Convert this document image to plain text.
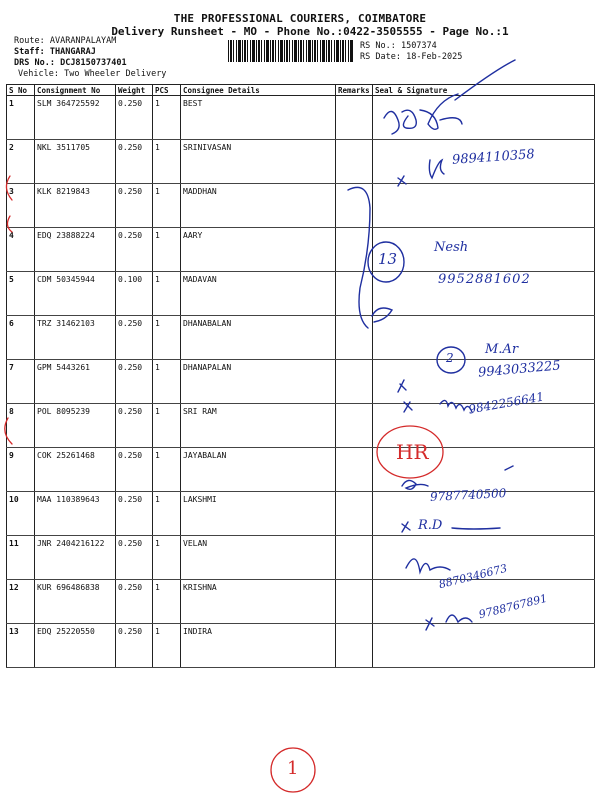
THE PROFESSIONAL COURIERS, COIMBATORE
Delivery Runsheet - MO - Phone No.:0422-3505555 - Page No.:1
Route: AVARANPALAYAM
Staff: THANGARAJ
DRS No.: DCJ8150737401
Vehicle: Two Wheeler Delivery
RS No.: 1507374
RS Date: 18-Feb-2025
S No	Consignment No	Weight	PCS	Consignee Details	Remarks	Seal & Signature
1	SLM 364725592	0.250	1	BEST		
2	NKL 3511705	0.250	1	SRINIVASAN		
3	KLK 8219843	0.250	1	MADDHAN		
4	EDQ 23888224	0.250	1	AARY		
5	CDM 50345944	0.100	1	MADAVAN		
6	TRZ 31462103	0.250	1	DHANABALAN		
7	GPM 5443261	0.250	1	DHANAPALAN		
8	POL 8095239	0.250	1	SRI RAM		
9	COK 25261468	0.250	1	JAYABALAN		
10	MAA 110389643	0.250	1	LAKSHMI		
11	JNR 2404216122	0.250	1	VELAN		
12	KUR 696486838	0.250	1	KRISHNA		
13	EDQ 25220550	0.250	1	INDIRA		
9894110358
13
Nesh
9952881602
2
M.Ar
9943033225
9842256641
HR
9787740500
R.D
8870346673
9788767891
1
